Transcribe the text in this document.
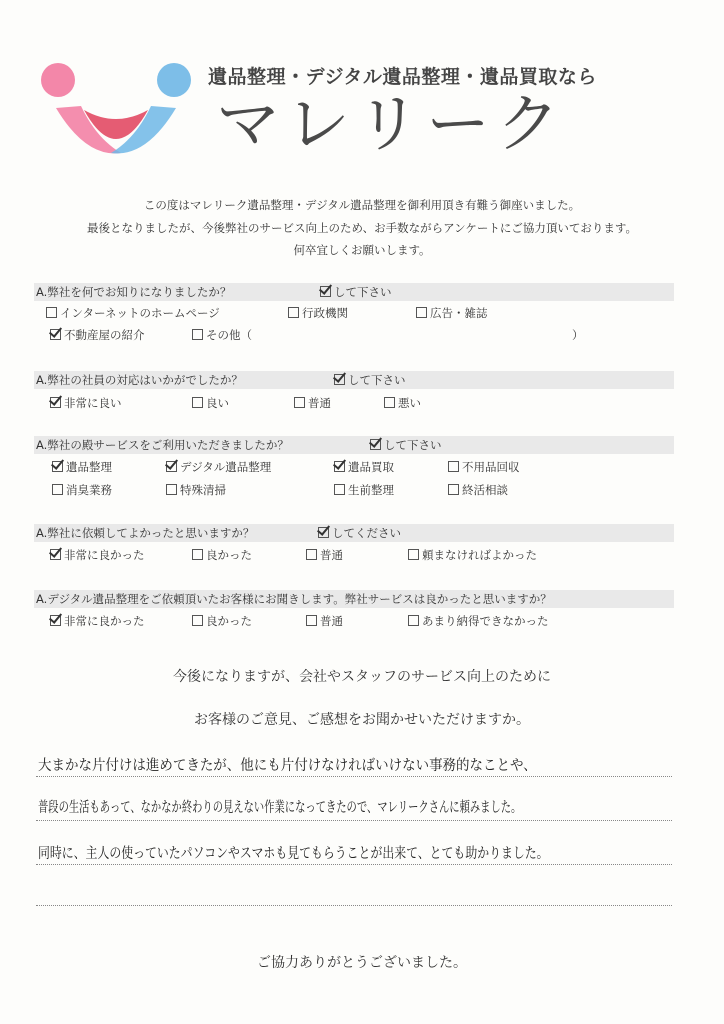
遺品整理・デジタル遺品整理・遺品買取なら
マレリーク
この度はマレリーク遺品整理・デジタル遺品整理を御利用頂き有難う御座いました。
最後となりましたが、今後弊社のサービス向上のため、お手数ながらアンケートにご協力頂いております。
何卒宜しくお願いします。
A.弊社を何でお知りになりましたか？	して下さい
インターネットのホームページ	行政機関	広告・雑誌
不動産屋の紹介	その他（	）
A.弊社の社員の対応はいかがでしたか？	して下さい
非常に良い	良い	普通	悪い
A.弊社の殿サービスをご利用いただきましたか？	して下さい
遺品整理	デジタル遺品整理	遺品買取	不用品回収
消臭業務	特殊清掃	生前整理	終活相談
A.弊社に依頼してよかったと思いますか？	してください
非常に良かった	良かった	普通	頼まなければよかった
A.デジタル遺品整理をご依頼頂いたお客様にお聞きします。弊社サービスは良かったと思いますか？
非常に良かった	良かった	普通	あまり納得できなかった
今後になりますが、会社やスタッフのサービス向上のために
お客様のご意見、ご感想をお聞かせいただけますか。
大まかな片付けは進めてきたが、他にも片付けなければいけない事務的なことや、
普段の生活もあって、なかなか終わりの見えない作業になってきたので、マレリークさんに頼みました。
同時に、主人の使っていたパソコンやスマホも見てもらうことが出来て、とても助かりました。
ご協力ありがとうございました。
